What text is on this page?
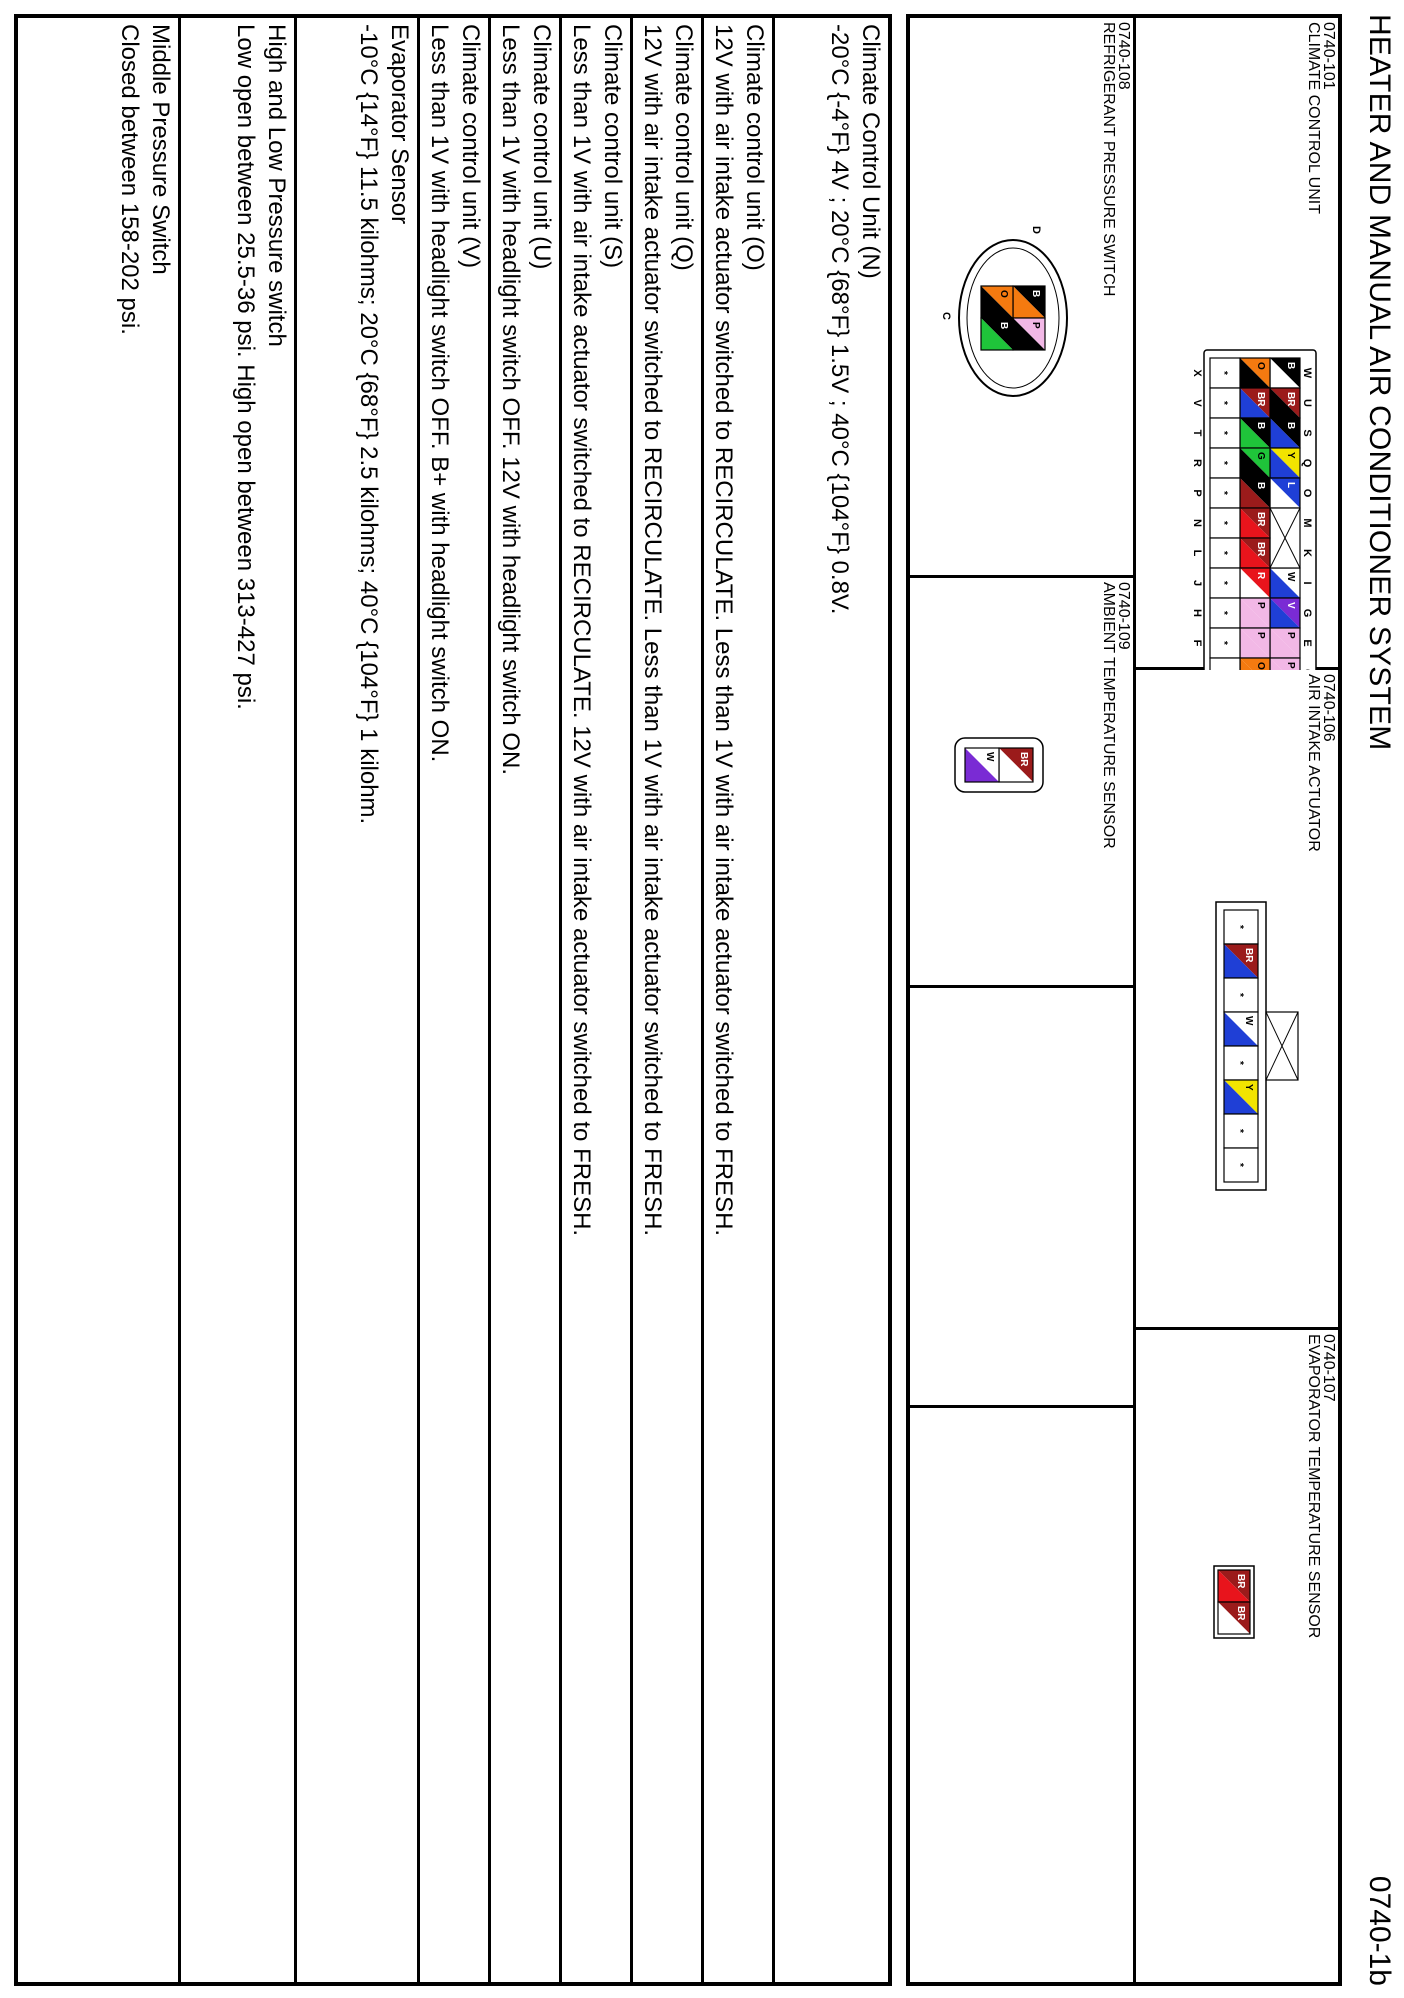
HEATER AND MANUAL AIR CONDITIONER SYSTEM
0740-1b
0740-101
CLIMATE CONTROL UNIT
W
U
S
Q
O
M
K
I
G
E
B
BR
B
Y
L
W
V
P
P
O
BR
B
G
B
BR
BR
R
P
P
O
*
*
*
*
*
*
*
*
*
*
X
V
T
R
P
N
L
J
H
F
0740-106
AIR INTAKE ACTUATOR
*
BR
*
W
*
Y
*
*
0740-107
EVAPORATOR TEMPERATURE SENSOR
BR
BR
0740-108
REFRIGERANT PRESSURE SWITCH
B
P
O
B
D
C
0740-109
AMBIENT TEMPERATURE SENSOR
BR
W
Climate Control Unit (N)
-20°C {-4°F} 4V ; 20°C {68°F} 1.5V ; 40°C {104°F} 0.8V.
Climate control unit (O)
12V with air intake actuator switched to RECIRCULATE. Less than 1V with air intake actuator switched to FRESH.
Climate control unit (Q)
12V with air intake actuator switched to RECIRCULATE. Less than 1V with air intake actuator switched to FRESH.
Climate control unit (S)
Less than 1V with air intake actuator switched to RECIRCULATE. 12V with air intake actuator switched to FRESH.
Climate control unit (U)
Less than 1V with headlight switch OFF. 12V with headlight switch ON.
Climate control unit (V)
Less than 1V with headlight switch OFF. B+ with headlight switch ON.
Evaporator Sensor
-10°C {14°F} 11.5 kilohms; 20°C {68°F} 2.5 kilohms; 40°C {104°F} 1 kilohm.
High and Low Pressure switch
Low open between 25.5-36 psi. High open between 313-427 psi.
Middle Pressure Switch
Closed between 158-202 psi.
